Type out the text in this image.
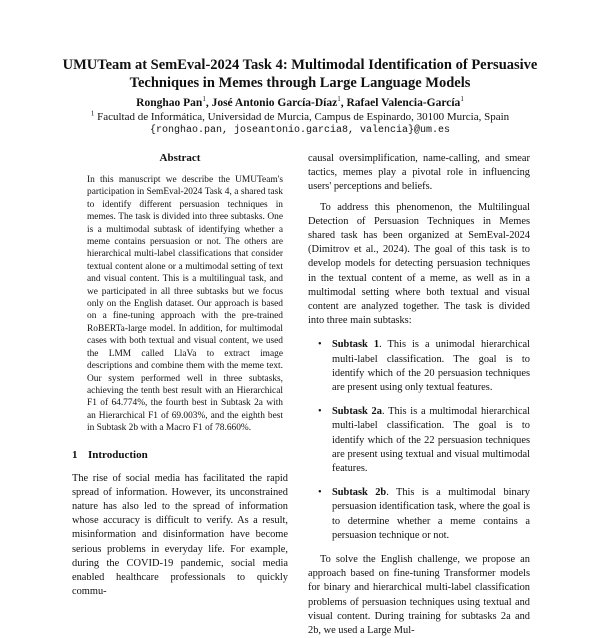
UMUTeam at SemEval-2024 Task 4: Multimodal Identification of Persuasive Techniques in Memes through Large Language Models
Ronghao Pan$^1$, José Antonio García-Díaz$^1$, Rafael Valencia-García$^1$
$^1$ Facultad de Informática, Universidad de Murcia, Campus de Espinardo, 30100 Murcia, Spain
{ronghao.pan, joseantonio.garcia8, valencia}@um.es
Abstract

In this manuscript we describe the UMUTeam's participation in SemEval-2024 Task 4, a shared task to identify different persuasion techniques in memes. The task is divided into three subtasks. One is a multimodal subtask of identifying whether a meme contains persuasion or not. The others are hierarchical multi-label classifications that consider textual content alone or a multimodal setting of text and visual content. This is a multilingual task, and we participated in all three subtasks but we focus only on the English dataset. Our approach is based on a fine-tuning approach with the pre-trained RoBERTa-large model. In addition, for multimodal cases with both textual and visual content, we used the LMM called LlaVa to extract image descriptions and combine them with the meme text. Our system performed well in three subtasks, achieving the tenth best result with an Hierarchical F1 of 64.774%, the fourth best in Subtask 2a with an Hierarchical F1 of 69.003%, and the eighth best in Subtask 2b with a Macro F1 of 78.660%.

1 Introduction

The rise of social media has facilitated the rapid spread of information. However, its unconstrained nature has also led to the spread of information whose accuracy is difficult to verify. As a result, misinformation and disinformation have become serious problems in everyday life. For example, during the COVID-19 pandemic, social media enabled healthcare professionals to quickly commu-

causal oversimplification, name-calling, and smear tactics, memes play a pivotal role in influencing users' perceptions and beliefs.

To address this phenomenon, the Multilingual Detection of Persuasion Techniques in Memes shared task has been organized at SemEval-2024 (Dimitrov et al., 2024). The goal of this task is to develop models for detecting persuasion techniques in the textual content of a meme, as well as in a multimodal setting where both textual and visual content are analyzed together. The task is divided into three main subtasks:

• Subtask 1. This is a unimodal hierarchical multi-label classification. The goal is to identify which of the 20 persuasion techniques are present using only textual features.
• Subtask 2a. This is a multimodal hierarchical multi-label classification. The goal is to identify which of the 22 persuasion techniques are present using textual and visual multimodal features.
• Subtask 2b. This is a multimodal binary persuasion identification task, where the goal is to determine whether a meme contains a persuasion technique or not.

To solve the English challenge, we propose an approach based on fine-tuning Transformer models for binary and hierarchical multi-label classification problems of persuasion techniques using textual and visual content. During training for subtasks 2a and 2b, we used a Large Mul-
